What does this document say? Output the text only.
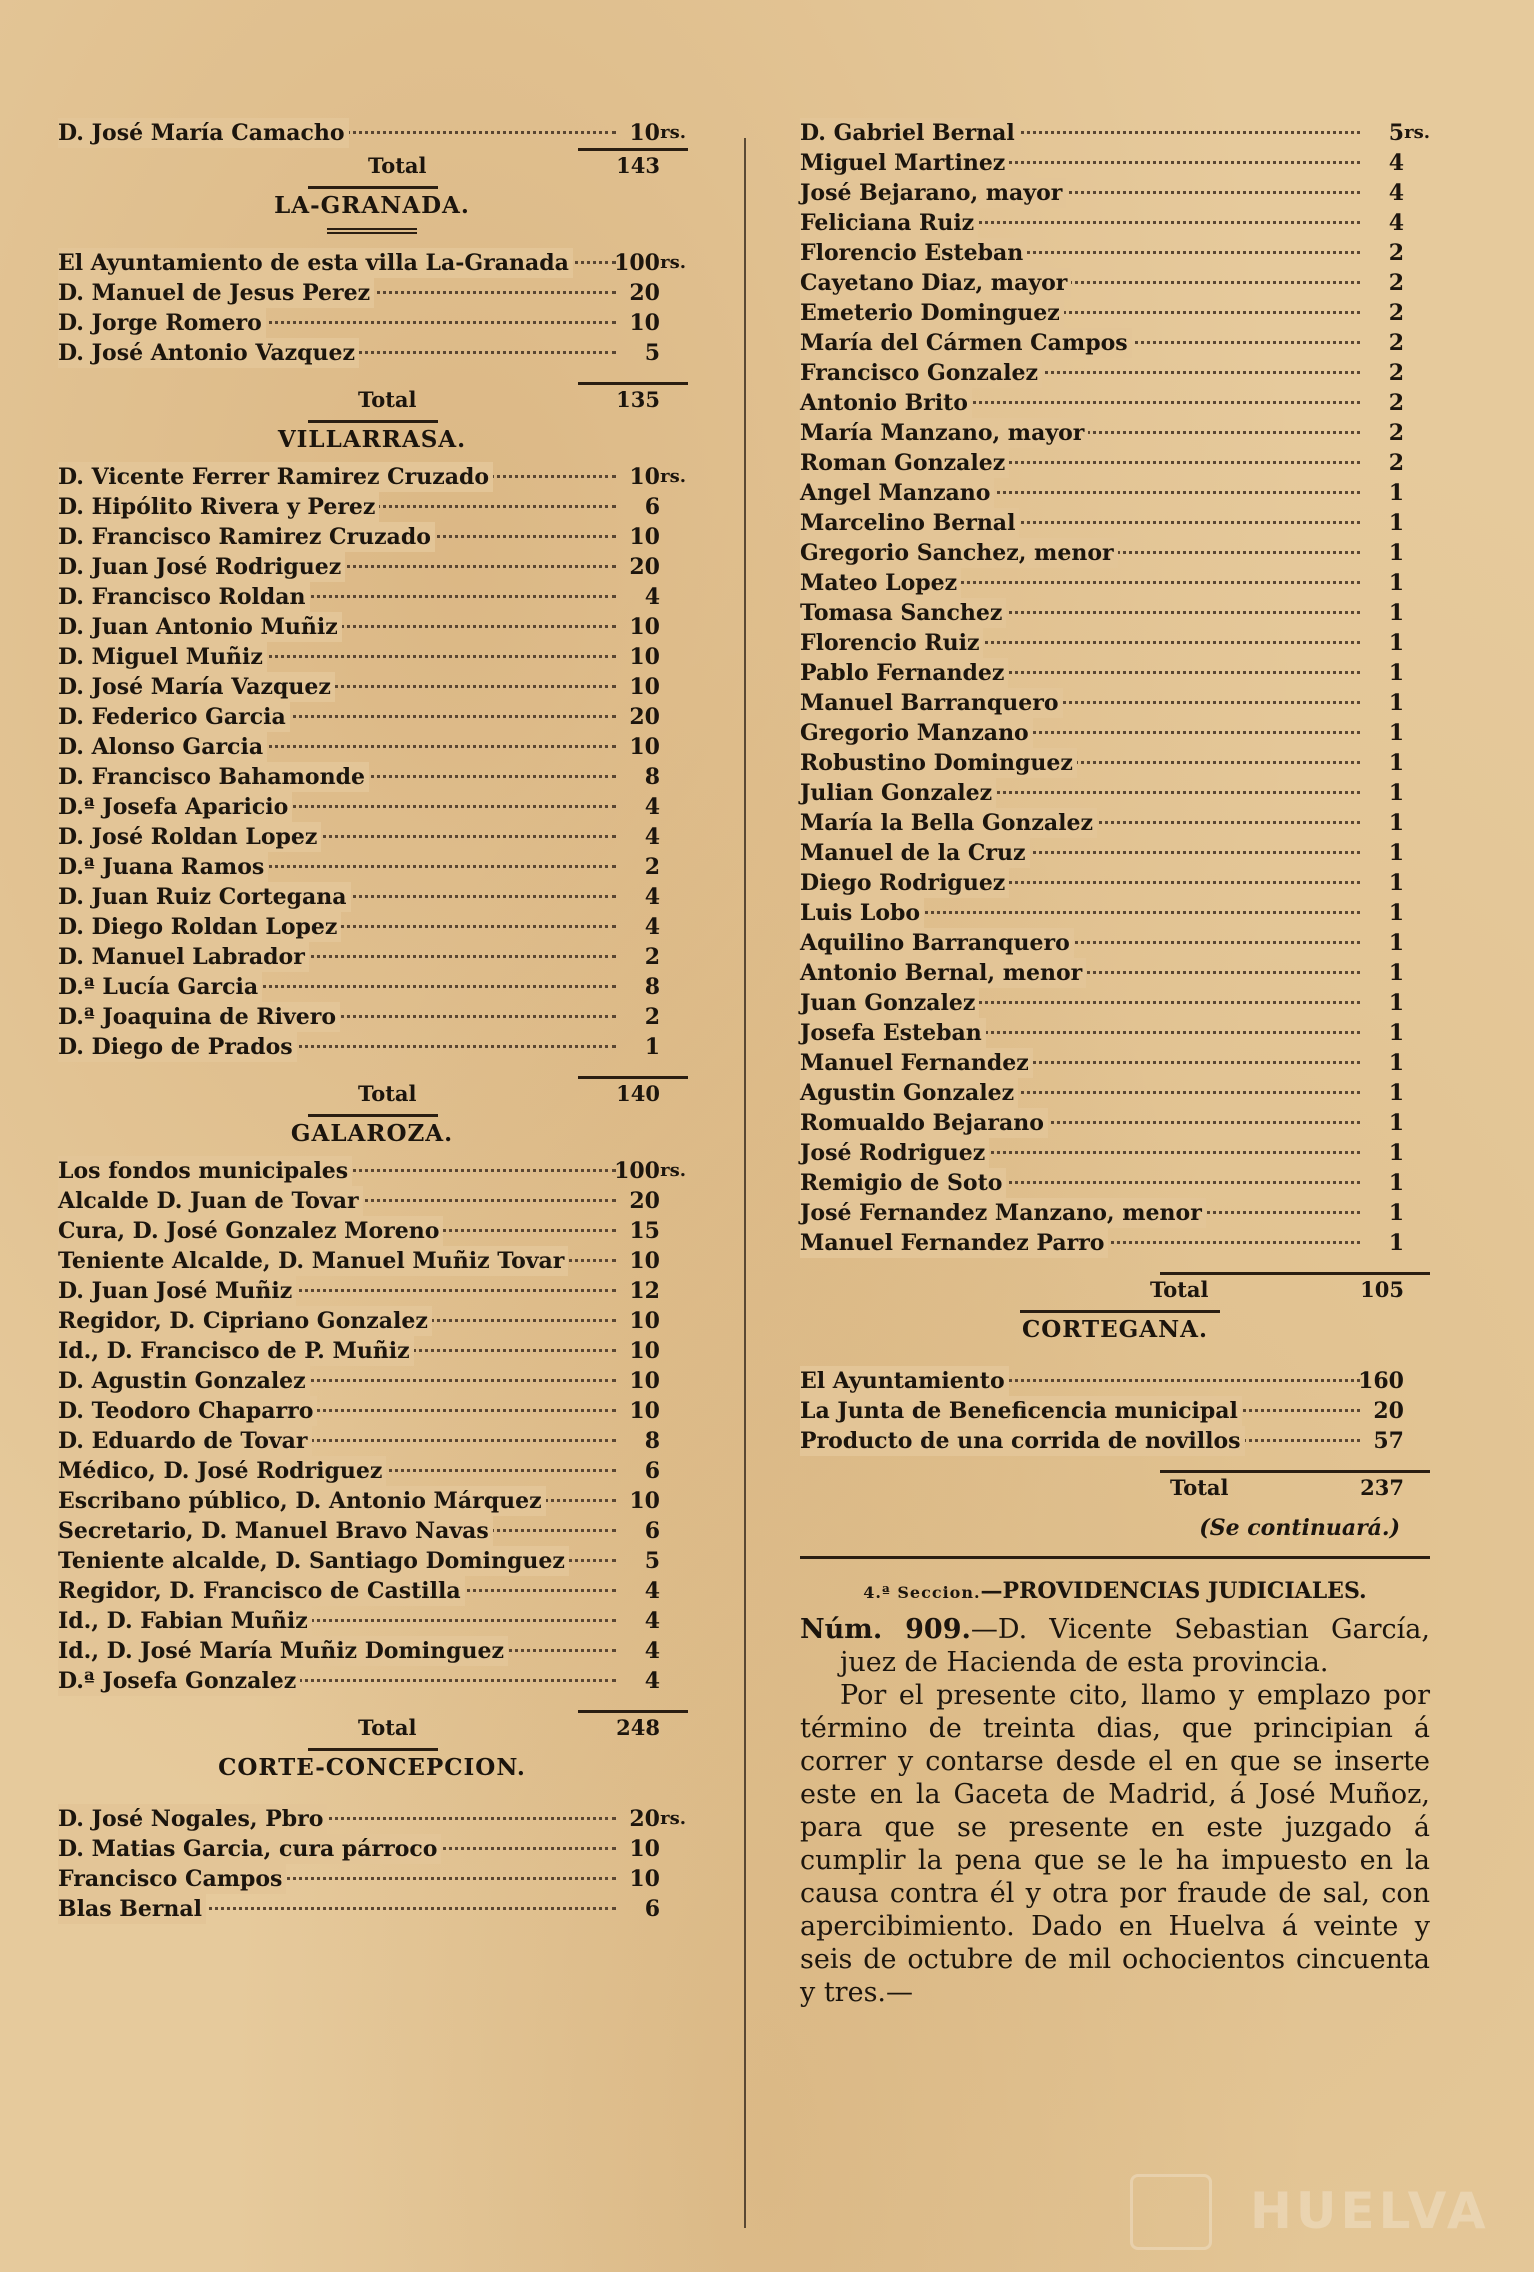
D. José María Camacho	10 rs.
Total	143
LA-GRANADA.
El Ayuntamiento de esta villa La-Granada	100 rs.
D. Manuel de Jesus Perez	20
D. Jorge Romero	10
D. José Antonio Vazquez	5
Total	135
VILLARRASA.
D. Vicente Ferrer Ramirez Cruzado	10 rs.
D. Hipólito Rivera y Perez	6
D. Francisco Ramirez Cruzado	10
D. Juan José Rodriguez	20
D. Francisco Roldan	4
D. Juan Antonio Muñiz	10
D. Miguel Muñiz	10
D. José María Vazquez	10
D. Federico Garcia	20
D. Alonso Garcia	10
D. Francisco Bahamonde	8
D.ª Josefa Aparicio	4
D. José Roldan Lopez	4
D.ª Juana Ramos	2
D. Juan Ruiz Cortegana	4
D. Diego Roldan Lopez	4
D. Manuel Labrador	2
D.ª Lucía Garcia	8
D.ª Joaquina de Rivero	2
D. Diego de Prados	1
Total	140
GALAROZA.
Los fondos municipales	100 rs.
Alcalde D. Juan de Tovar	20
Cura, D. José Gonzalez Moreno	15
Teniente Alcalde, D. Manuel Muñiz Tovar	10
D. Juan José Muñiz	12
Regidor, D. Cipriano Gonzalez	10
Id., D. Francisco de P. Muñiz	10
D. Agustin Gonzalez	10
D. Teodoro Chaparro	10
D. Eduardo de Tovar	8
Médico, D. José Rodriguez	6
Escribano público, D. Antonio Márquez	10
Secretario, D. Manuel Bravo Navas	6
Teniente alcalde, D. Santiago Dominguez	5
Regidor, D. Francisco de Castilla	4
Id., D. Fabian Muñiz	4
Id., D. José María Muñiz Dominguez	4
D.ª Josefa Gonzalez	4
Total	248
CORTE-CONCEPCION.
D. José Nogales, Pbro	20 rs.
D. Matias Garcia, cura párroco	10
Francisco Campos	10
Blas Bernal	6
D. Gabriel Bernal	5 rs.
Miguel Martinez	4
José Bejarano, mayor	4
Feliciana Ruiz	4
Florencio Esteban	2
Cayetano Diaz, mayor	2
Emeterio Dominguez	2
María del Cármen Campos	2
Francisco Gonzalez	2
Antonio Brito	2
María Manzano, mayor	2
Roman Gonzalez	2
Angel Manzano	1
Marcelino Bernal	1
Gregorio Sanchez, menor	1
Mateo Lopez	1
Tomasa Sanchez	1
Florencio Ruiz	1
Pablo Fernandez	1
Manuel Barranquero	1
Gregorio Manzano	1
Robustino Dominguez	1
Julian Gonzalez	1
María la Bella Gonzalez	1
Manuel de la Cruz	1
Diego Rodriguez	1
Luis Lobo	1
Aquilino Barranquero	1
Antonio Bernal, menor	1
Juan Gonzalez	1
Josefa Esteban	1
Manuel Fernandez	1
Agustin Gonzalez	1
Romualdo Bejarano	1
José Rodriguez	1
Remigio de Soto	1
José Fernandez Manzano, menor	1
Manuel Fernandez Parro	1
Total	105
CORTEGANA.
El Ayuntamiento	160
La Junta de Beneficencia municipal	20
Producto de una corrida de novillos	57
Total	237
(Se continuará.)
4.ª Seccion.—PROVIDENCIAS JUDICIALES.
Núm. 909.—D. Vicente Sebastian García, juez de Hacienda de esta provincia.
Por el presente cito, llamo y emplazo por término de treinta dias, que principian á correr y contarse desde el en que se inserte este en la Gaceta de Madrid, á José Muñoz, para que se presente en este juzgado á cumplir la pena que se le ha impuesto en la causa contra él y otra por fraude de sal, con apercibimiento. Dado en Huelva á veinte y seis de octubre de mil ochocientos cincuenta y tres.—
HUELVA
